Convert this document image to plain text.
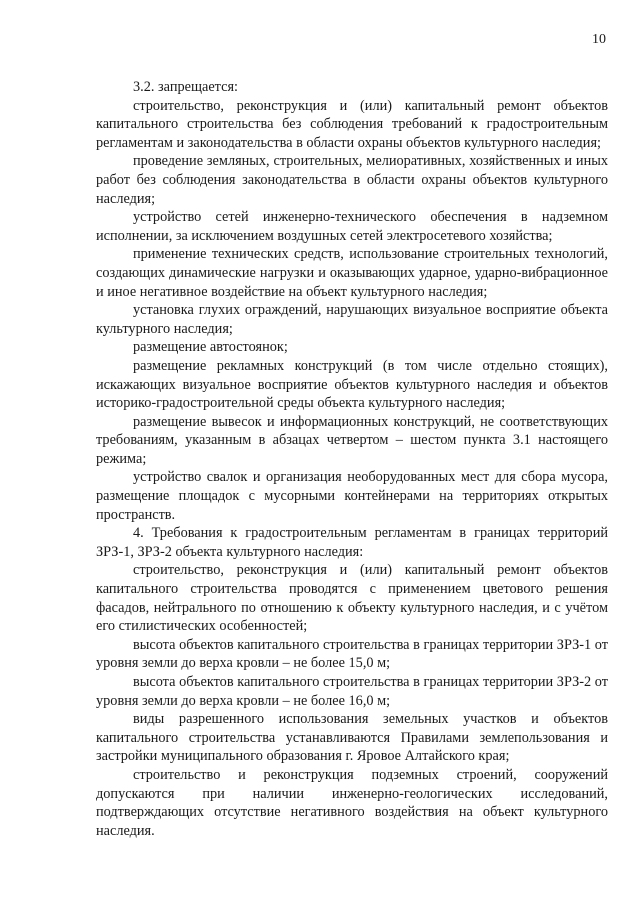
10

3.2. запрещается:

строительство, реконструкция и (или) капитальный ремонт объектов капитального строительства без соблюдения требований к градостроительным регламентам и законодательства в области охраны объектов культурного наследия;

проведение земляных, строительных, мелиоративных, хозяйственных и иных работ без соблюдения законодательства в области охраны объектов культурного наследия;

устройство сетей инженерно-технического обеспечения в надземном исполнении, за исключением воздушных сетей электросетевого хозяйства;

применение технических средств, использование строительных технологий, создающих динамические нагрузки и оказывающих ударное, ударно-вибрационное и иное негативное воздействие на объект культурного наследия;

установка глухих ограждений, нарушающих визуальное восприятие объекта культурного наследия;

размещение автостоянок;

размещение рекламных конструкций (в том числе отдельно стоящих), искажающих визуальное восприятие объектов культурного наследия и объектов историко-градостроительной среды объекта культурного наследия;

размещение вывесок и информационных конструкций, не соответствующих требованиям, указанным в абзацах четвертом – шестом пункта 3.1 настоящего режима;

устройство свалок и организация необорудованных мест для сбора мусора, размещение площадок с мусорными контейнерами на территориях открытых пространств.

4. Требования к градостроительным регламентам в границах территорий ЗРЗ-1, ЗРЗ-2 объекта культурного наследия:

строительство, реконструкция и (или) капитальный ремонт объектов капитального строительства проводятся с применением цветового решения фасадов, нейтрального по отношению к объекту культурного наследия, и с учётом его стилистических особенностей;

высота объектов капитального строительства в границах территории ЗРЗ-1 от уровня земли до верха кровли – не более 15,0 м;

высота объектов капитального строительства в границах территории ЗРЗ-2 от уровня земли до верха кровли – не более 16,0 м;

виды разрешенного использования земельных участков и объектов капитального строительства устанавливаются Правилами землепользования и застройки муниципального образования г. Яровое Алтайского края;

строительство и реконструкция подземных строений, сооружений допускаются при наличии инженерно-геологических исследований, подтверждающих отсутствие негативного воздействия на объект культурного наследия.
